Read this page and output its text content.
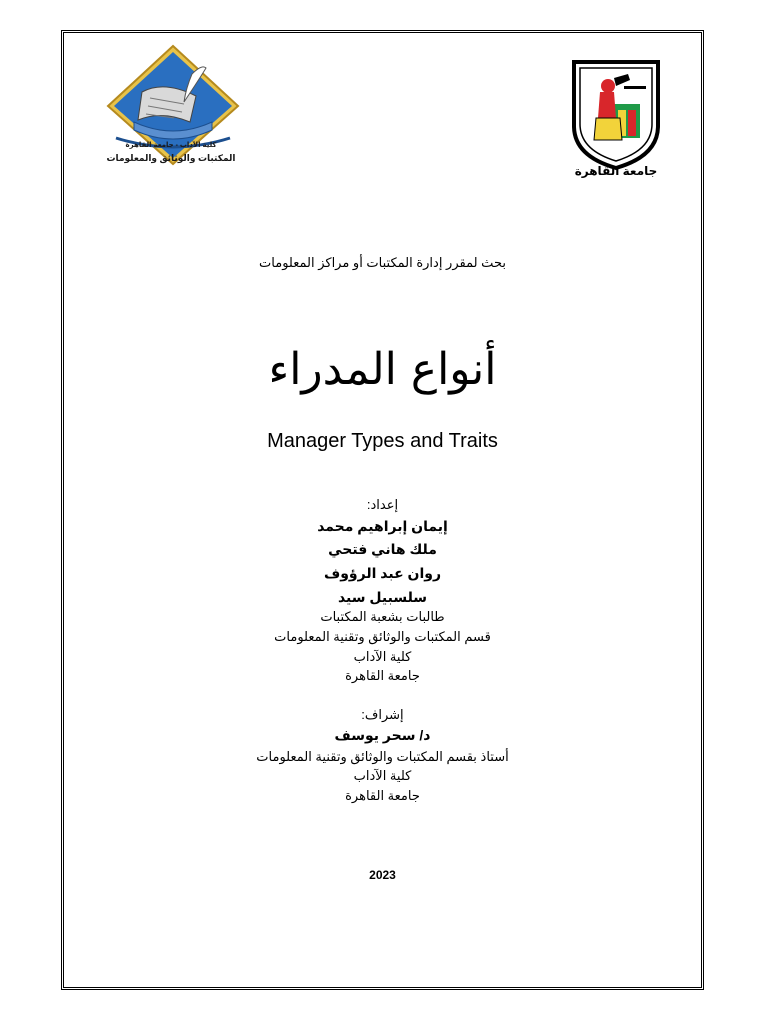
كلية الآداب - جامعة القاهرة
المكتبات والوثائق والمعلومات
جامعة القاهرة
بحث لمقرر إدارة المكتبات أو مراكز المعلومات
أنواع المدراء
Manager Types and Traits
إعداد:
إيمان إبراهيم محمد
ملك هاني فتحي
روان عبد الرؤوف
سلسبيل سيد
طالبات بشعبة المكتبات
قسم المكتبات والوثائق وتقنية المعلومات
كلية الآداب
جامعة القاهرة
إشراف:
د/ سحر يوسف
أستاذ بقسم المكتبات والوثائق وتقنية المعلومات
كلية الآداب
جامعة القاهرة
2023
